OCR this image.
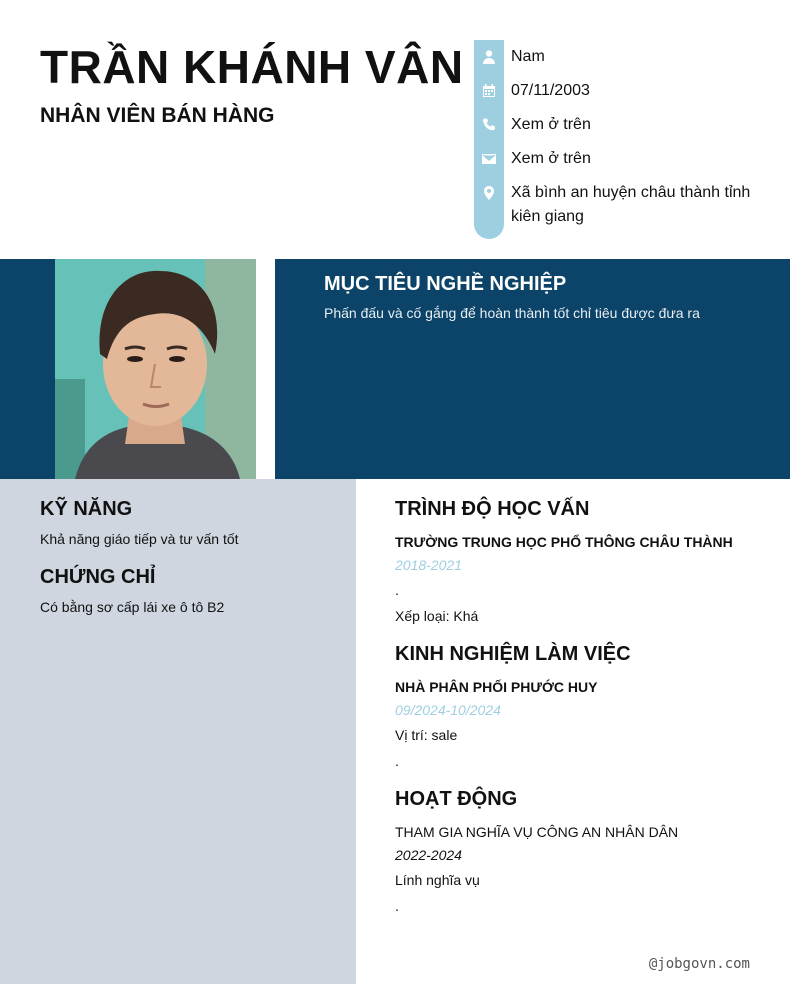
TRẦN KHÁNH VÂN
NHÂN VIÊN BÁN HÀNG
Nam
07/11/2003
Xem ở trên
Xem ở trên
Xã bình an huyện châu thành tỉnh kiên giang
MỤC TIÊU NGHỀ NGHIỆP
Phấn đấu và cố gắng để hoàn thành tốt chỉ tiêu được đưa ra
KỸ NĂNG
Khả năng giáo tiếp và tư vấn tốt
CHỨNG CHỈ
Có bằng sơ cấp lái xe ô tô B2
TRÌNH ĐỘ HỌC VẤN
TRƯỜNG TRUNG HỌC PHỔ THÔNG CHÂU THÀNH
2018-2021
.
Xếp loại: Khá
KINH NGHIỆM LÀM VIỆC
NHÀ PHÂN PHỐI PHƯỚC HUY
09/2024-10/2024
Vị trí: sale
.
HOẠT ĐỘNG
THAM GIA NGHĨA VỤ CÔNG AN NHÂN DÂN
2022-2024
Lính nghĩa vụ
.
@jobgovn.com
